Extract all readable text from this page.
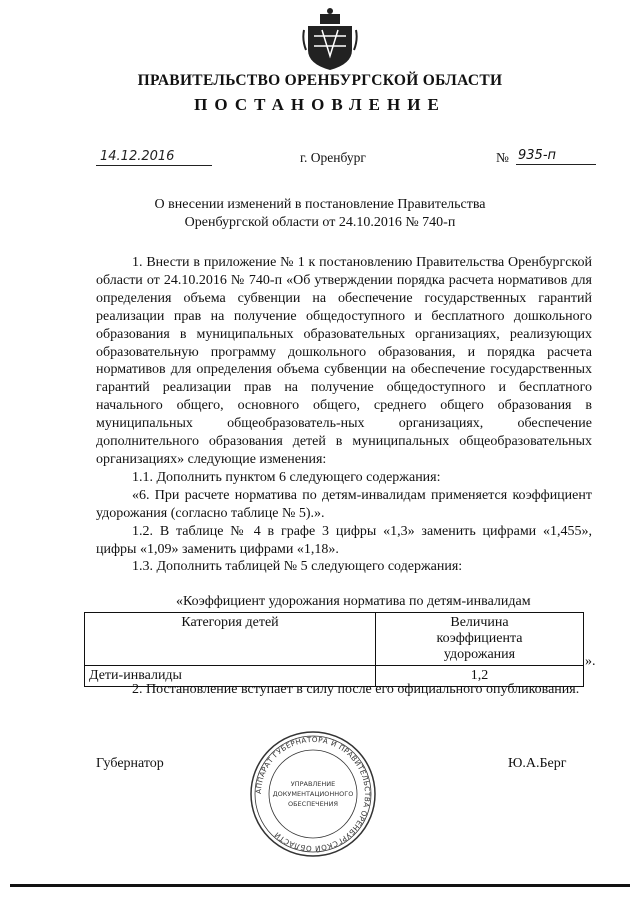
ПРАВИТЕЛЬСТВО ОРЕНБУРГСКОЙ ОБЛАСТИ
ПОСТАНОВЛЕНИЕ
14.12.2016	г. Оренбург	№ 935-п
О внесении изменений в постановление Правительства
Оренбургской области от 24.10.2016 № 740-п

1. Внести в приложение № 1 к постановлению Правительства Оренбургской области от 24.10.2016 № 740-п «Об утверждении порядка расчета нормативов для определения объема субвенции на обеспечение государственных гарантий реализации прав на получение общедоступного и бесплатного дошкольного образования в муниципальных образовательных организациях, реализующих образовательную программу дошкольного образования, и порядка расчета нормативов для определения объема субвенции на обеспечение государственных гарантий реализации прав на получение общедоступного и бесплатного начального общего, основного общего, среднего общего образования в муниципальных общеобразователь-ных организациях, обеспечение дополнительного образования детей в муниципальных общеобразовательных организациях» следующие изменения:

1.1. Дополнить пунктом 6 следующего содержания:

«6. При расчете норматива по детям-инвалидам применяется коэффициент удорожания (согласно таблице № 5).».

1.2. В таблице № 4 в графе 3 цифры «1,3» заменить цифрами «1,455», цифры «1,09» заменить цифрами «1,18».

1.3. Дополнить таблицей № 5 следующего содержания:

«Коэффициент удорожания норматива по детям-инвалидам
Категория детей	Величина коэффициента удорожания
Дети-инвалиды	1,2
».
2. Постановление вступает в силу после его официального опубликования.
Губернатор	Ю.А.Берг
АППАРАТ ГУБЕРНАТОРА И ПРАВИТЕЛЬСТВА ОРЕНБУРГСКОЙ ОБЛАСТИ
УПРАВЛЕНИЕ
ДОКУМЕНТАЦИОННОГО
ОБЕСПЕЧЕНИЯ
